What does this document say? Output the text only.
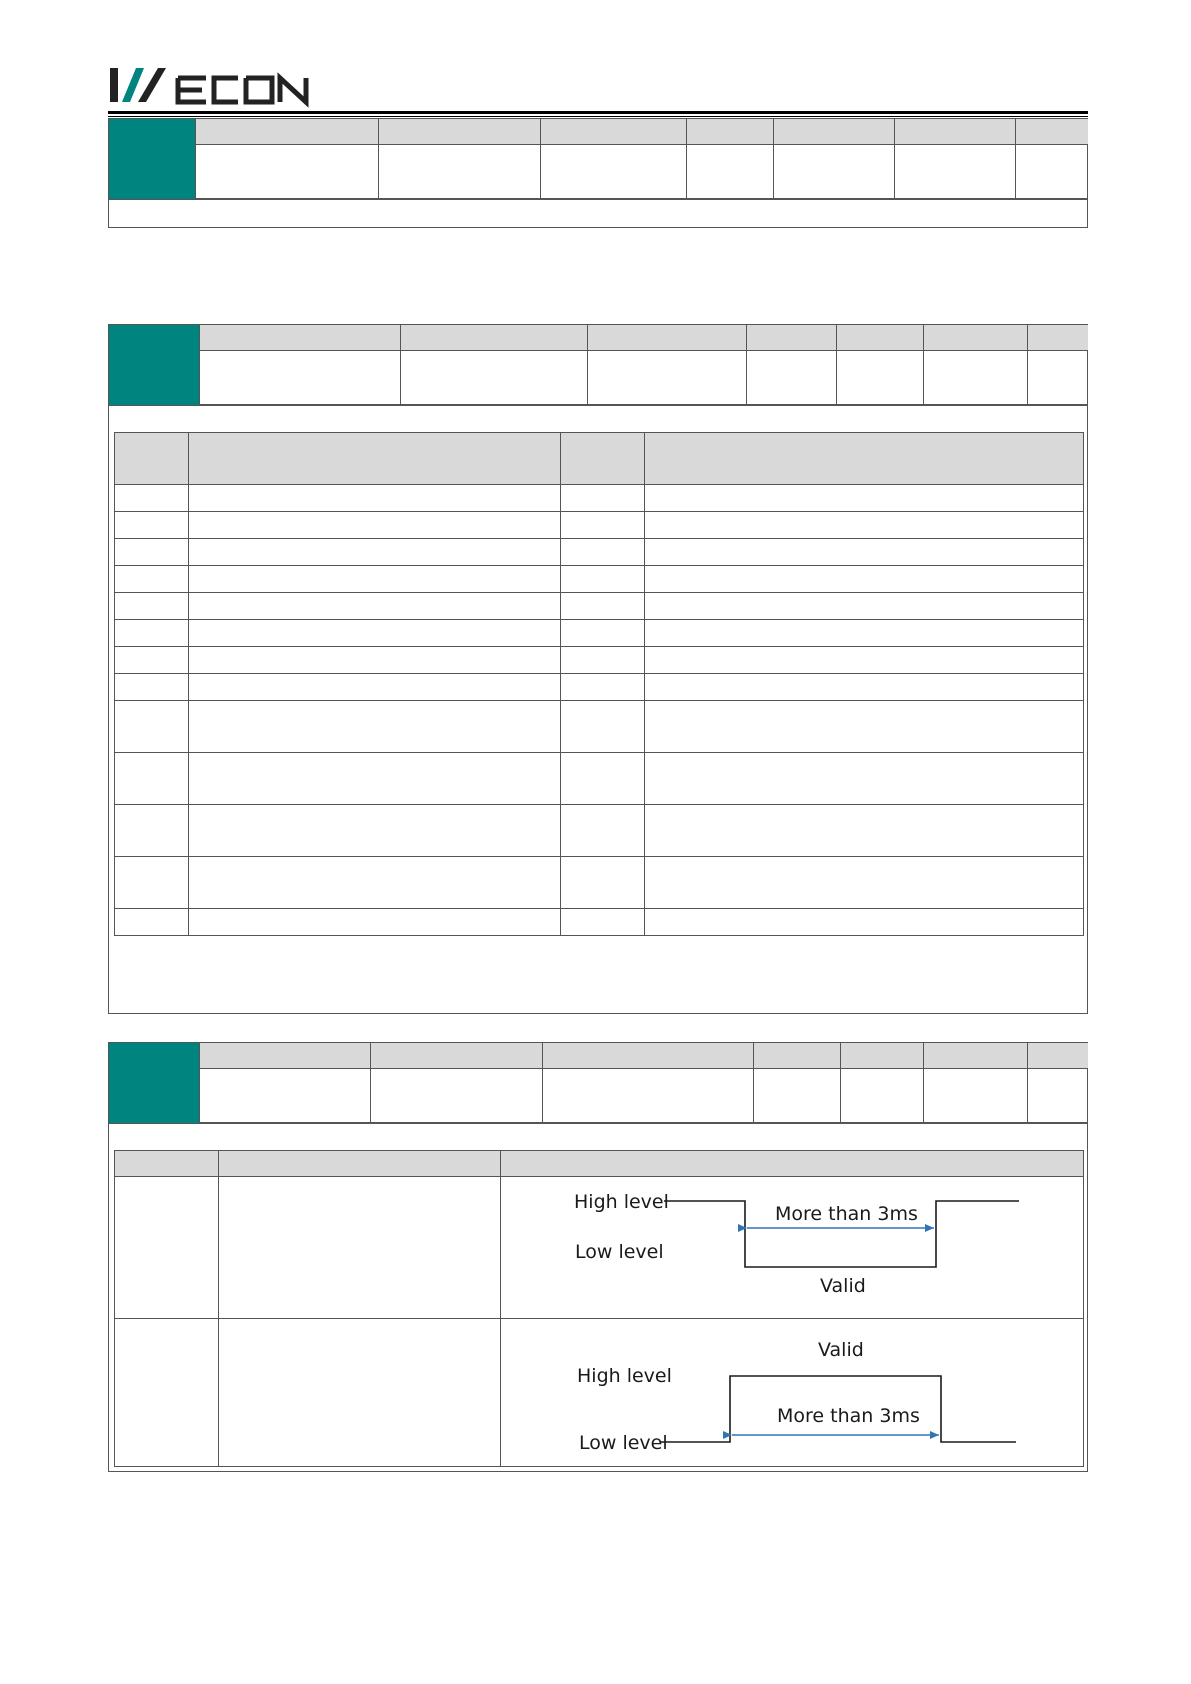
High level
Low level
More than 3ms
Valid
Valid
High level
Low level
More than 3ms
